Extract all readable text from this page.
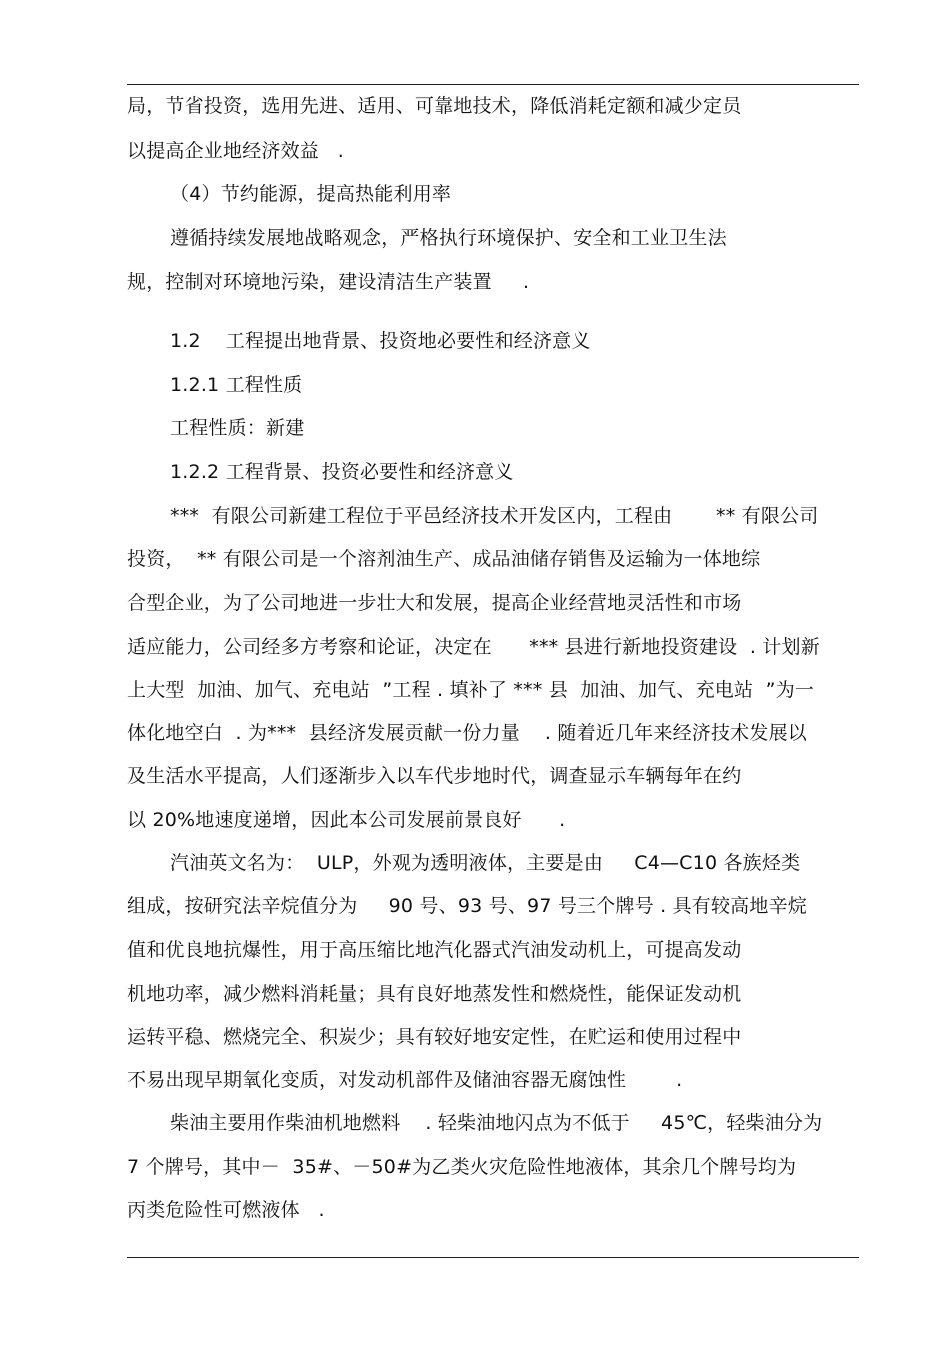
局，节省投资，选用先进、适用、可靠地技术，降低消耗定额和减少定员
以提高企业地经济效益   .
（4）节约能源，提高热能利用率
遵循持续发展地战略观念，严格执行环境保护、安全和工业卫生法
规，控制对环境地污染，建设清洁生产装置     .
1.2    工程提出地背景、投资地必要性和经济意义
1.2.1 工程性质
工程性质：新建
1.2.2 工程背景、投资必要性和经济意义
***  有限公司新建工程位于平邑经济技术开发区内，工程由       ** 有限公司
投资，  ** 有限公司是一个溶剂油生产、成品油储存销售及运输为一体地综
合型企业，为了公司地进一步壮大和发展，提高企业经营地灵活性和市场
适应能力，公司经多方考察和论证，决定在      *** 县进行新地投资建设  . 计划新
上大型  加油、加气、充电站  ”工程 . 填补了 *** 县  加油、加气、充电站  ”为一
体化地空白  . 为***  县经济发展贡献一份力量    . 随着近几年来经济技术发展以
及生活水平提高，人们逐渐步入以车代步地时代，调查显示车辆每年在约
以 20%地速度递增，因此本公司发展前景良好      .
汽油英文名为：  ULP，外观为透明液体，主要是由     C4—C10 各族烃类
组成，按研究法辛烷值分为     90 号、93 号、97 号三个牌号 . 具有较高地辛烷
值和优良地抗爆性，用于高压缩比地汽化器式汽油发动机上，可提高发动
机地功率，减少燃料消耗量；具有良好地蒸发性和燃烧性，能保证发动机
运转平稳、燃烧完全、积炭少；具有较好地安定性，在贮运和使用过程中
不易出现早期氧化变质，对发动机部件及储油容器无腐蚀性        .
柴油主要用作柴油机地燃料    . 轻柴油地闪点为不低于     45℃，轻柴油分为
7 个牌号，其中－  35#、－50#为乙类火灾危险性地液体，其余几个牌号均为
丙类危险性可燃液体   .
